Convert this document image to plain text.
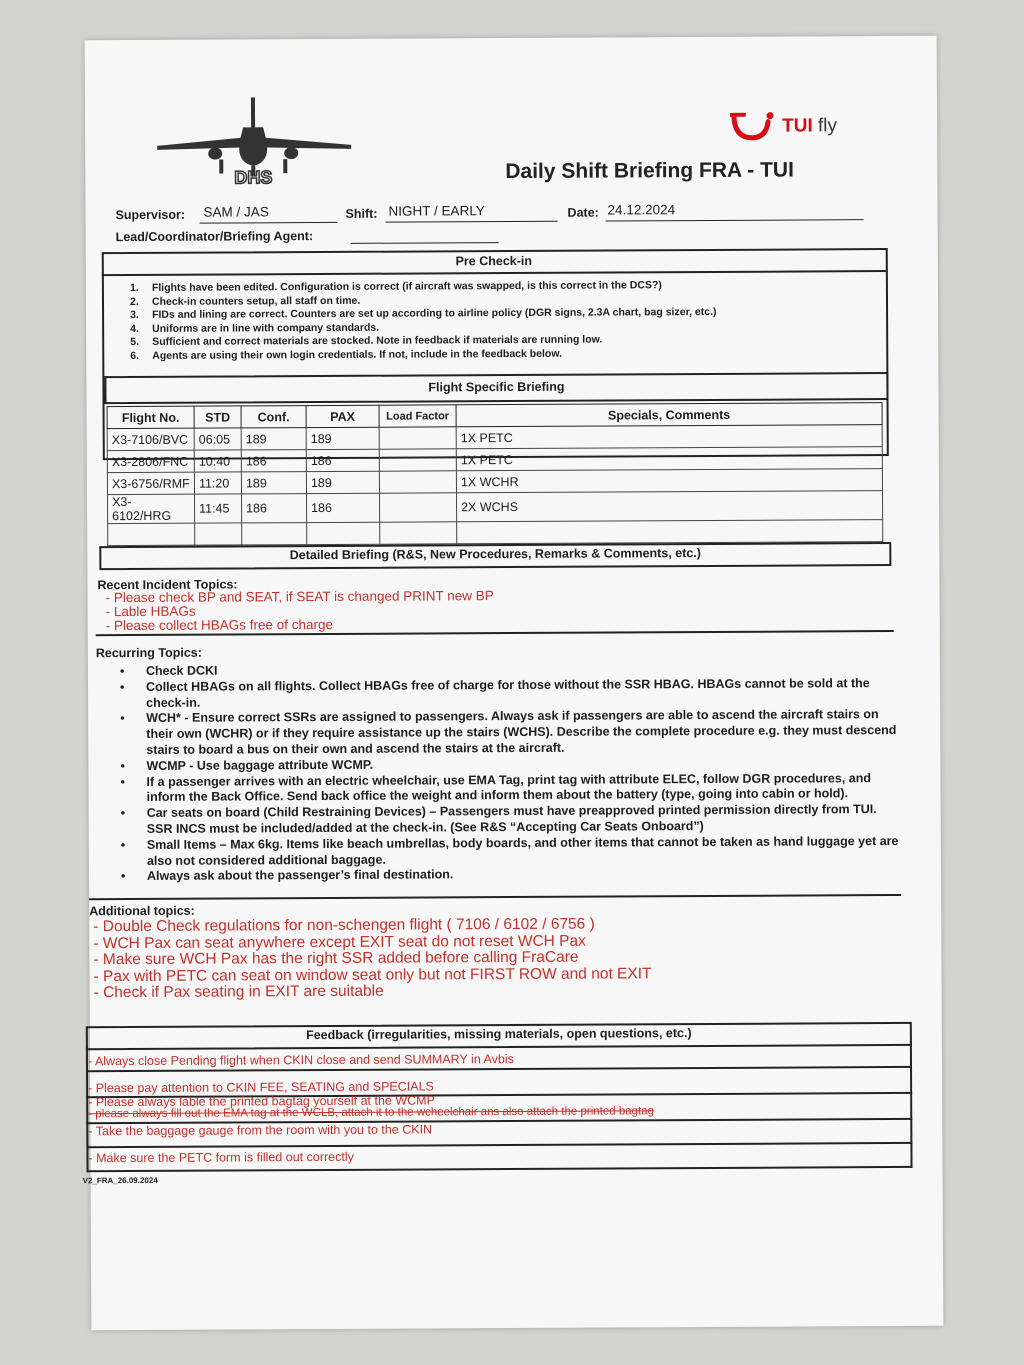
DHS
TUI fly
Daily Shift Briefing FRA - TUI
Supervisor: SAM / JAS	Shift: NIGHT / EARLY	Date: 24.12.2024
Lead/Coordinator/Briefing Agent:
Pre Check-in
1.	Flights have been edited. Configuration is correct (if aircraft was swapped, is this correct in the DCS?)
2.	Check-in counters setup, all staff on time.
3.	FIDs and lining are correct. Counters are set up according to airline policy (DGR signs, 2.3A chart, bag sizer, etc.)
4.	Uniforms are in line with company standards.
5.	Sufficient and correct materials are stocked. Note in feedback if materials are running low.
6.	Agents are using their own login credentials. If not, include in the feedback below.
Flight Specific Briefing
Flight No.	STD	Conf.	PAX	Load Factor	Specials, Comments
X3-7106/BVC	06:05	189	189		1X PETC
X3-2806/FNC	10:40	186	186		1X PETC
X3-6756/RMF	11:20	189	189		1X WCHR
X3-6102/HRG	11:45	186	186		2X WCHS

Detailed Briefing (R&S, New Procedures, Remarks & Comments, etc.)
Recent Incident Topics:
- Please check BP and SEAT, if SEAT is changed PRINT new BP
- Lable HBAGs
- Please collect HBAGs free of charge
Recurring Topics:
• Check DCKI
• Collect HBAGs on all flights. Collect HBAGs free of charge for those without the SSR HBAG. HBAGs cannot be sold at the check-in.
• WCH* - Ensure correct SSRs are assigned to passengers. Always ask if passengers are able to ascend the aircraft stairs on their own (WCHR) or if they require assistance up the stairs (WCHS). Describe the complete procedure e.g. they must descend stairs to board a bus on their own and ascend the stairs at the aircraft.
• WCMP - Use baggage attribute WCMP.
• If a passenger arrives with an electric wheelchair, use EMA Tag, print tag with attribute ELEC, follow DGR procedures, and inform the Back Office. Send back office the weight and inform them about the battery (type, going into cabin or hold).
• Car seats on board (Child Restraining Devices) – Passengers must have preapproved printed permission directly from TUI. SSR INCS must be included/added at the check-in. (See R&S “Accepting Car Seats Onboard”)
• Small Items – Max 6kg. Items like beach umbrellas, body boards, and other items that cannot be taken as hand luggage yet are also not considered additional baggage.
• Always ask about the passenger’s final destination.
Additional topics:
- Double Check regulations for non-schengen flight ( 7106 / 6102 / 6756 )
- WCH Pax can seat anywhere except EXIT seat do not reset WCH Pax
- Make sure WCH Pax has the right SSR added before calling FraCare
- Pax with PETC can seat on window seat only but not FIRST ROW and not EXIT
- Check if Pax seating in EXIT are suitable
Feedback (irregularities, missing materials, open questions, etc.)
- Always close Pending flight when CKIN close and send SUMMARY in Avbis
- Please pay attention to CKIN FEE, SEATING and SPECIALS
- Please always lable the printed bagtag yourself at the WCMP
- please always fill out the EMA tag at the WCLB, attach it to the wcheelchair ans also attach the printed bagtag
- Take the baggage gauge from the room with you to the CKIN
- Make sure the PETC form is filled out correctly
V2_FRA_26.09.2024
